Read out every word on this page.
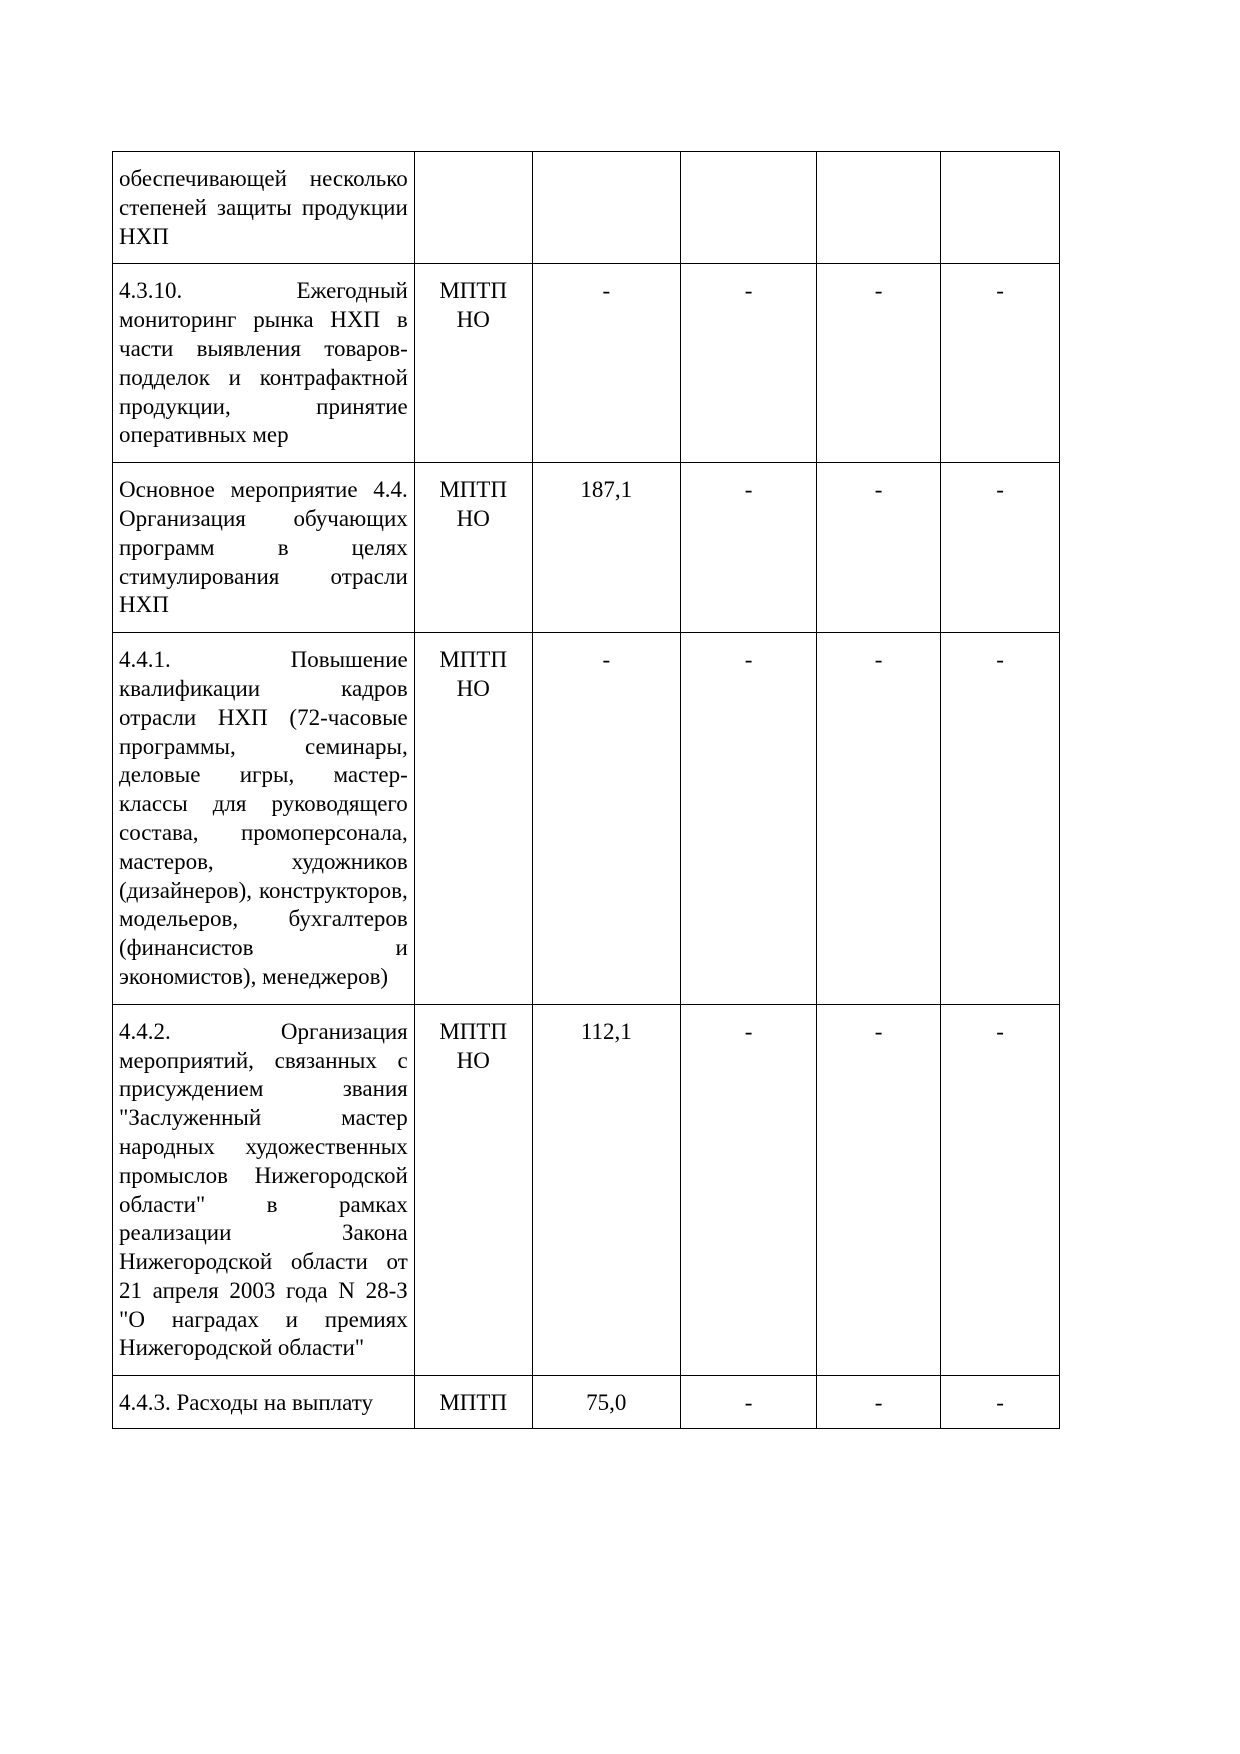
обеспечивающей несколько степеней защиты продукции НХП					
4.3.10. Ежегодный мониторинг рынка НХП в части выявления товаров-подделок и контрафактной продукции, принятие оперативных мер	МПТП НО	-	-	-	-
Основное мероприятие 4.4. Организация обучающих программ в целях стимулирования отрасли НХП	МПТП НО	187,1	-	-	-
4.4.1. Повышение квалификации кадров отрасли НХП (72-часовые программы, семинары, деловые игры, мастер-классы для руководящего состава, промоперсонала, мастеров, художников (дизайнеров), конструкторов, модельеров, бухгалтеров (финансистов и экономистов), менеджеров)	МПТП НО	-	-	-	-
4.4.2. Организация мероприятий, связанных с присуждением звания "Заслуженный мастер народных художественных промыслов Нижегородской области" в рамках реализации Закона Нижегородской области от 21 апреля 2003 года N 28-З "О наградах и премиях Нижегородской области"	МПТП НО	112,1	-	-	-
4.4.3. Расходы на выплату	МПТП	75,0	-	-	-
